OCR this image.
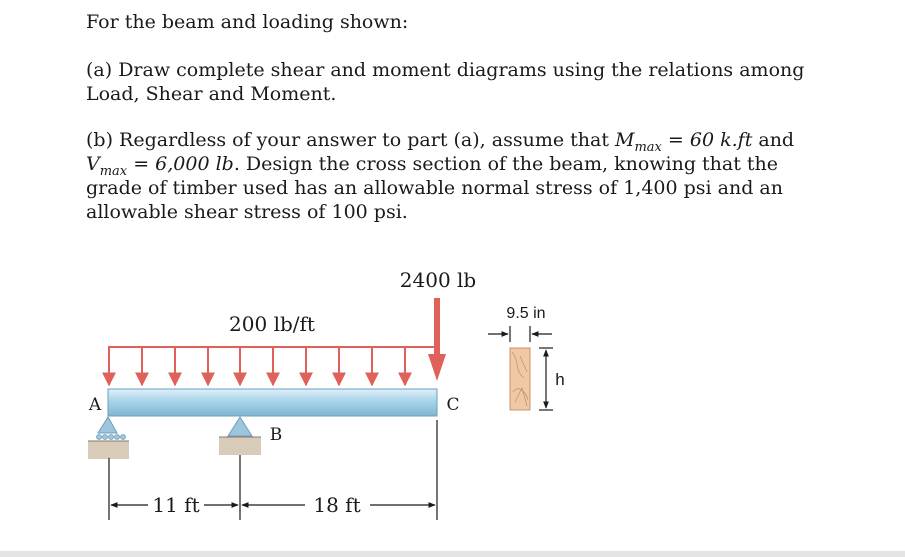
For the beam and loading shown:

(a) Draw complete shear and moment diagrams using the relations among Load, Shear and Moment.

(b) Regardless of your answer to part (a), assume that $M_{max} = 60$ k.ft and $V_{max} = 6,000$ lb. Design the cross section of the beam, knowing that the grade of timber used has an allowable normal stress of 1,400 psi and an allowable shear stress of 100 psi.

2400 lb
200 lb/ft
A
B
C
11 ft	18 ft
9.5 in
h
